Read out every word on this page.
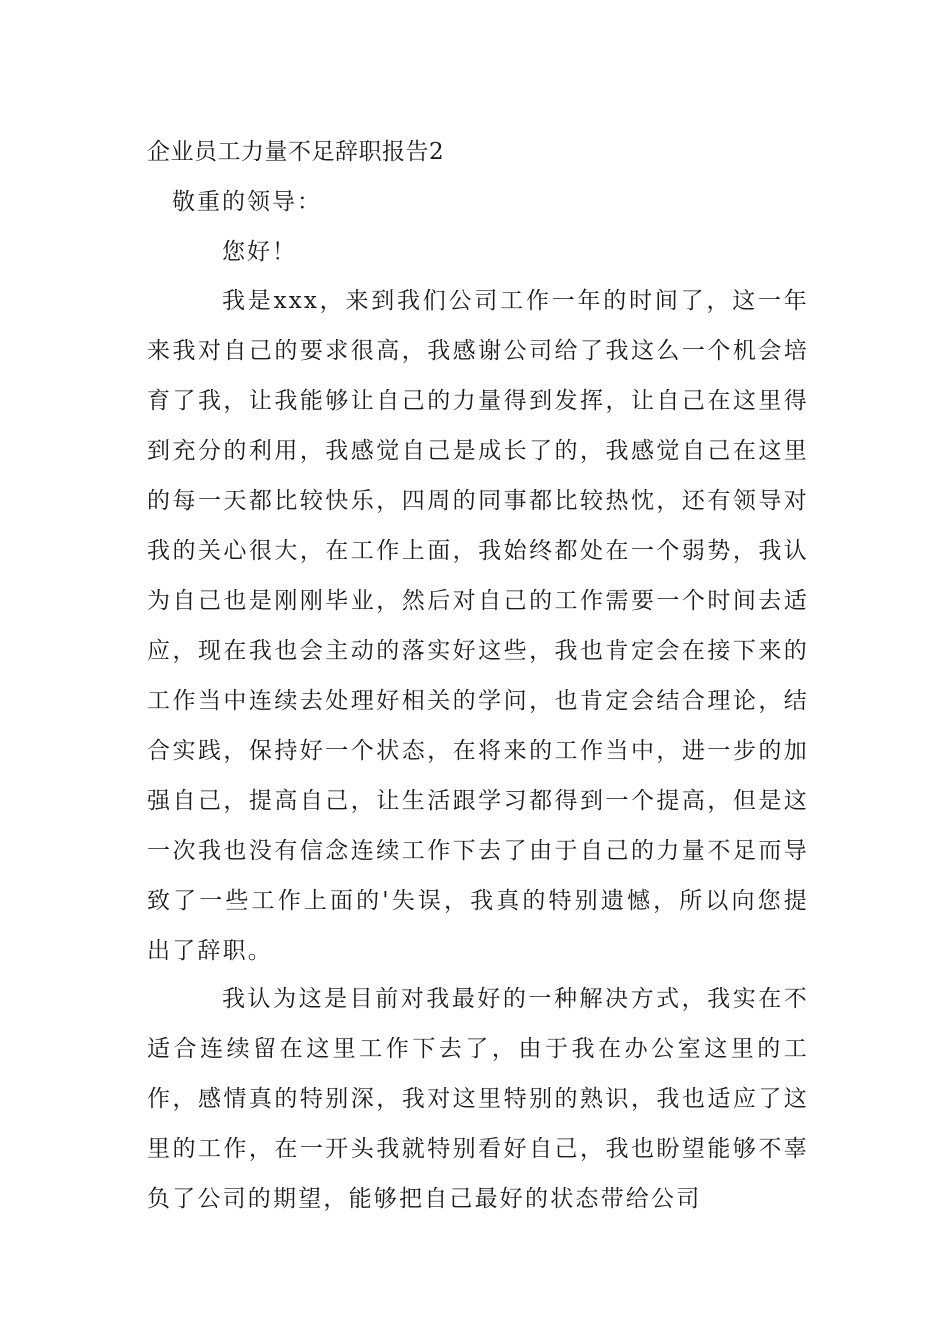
企业员工力量不足辞职报告2
敬重的领导：
您好！

我是xxx，来到我们公司工作一年的时间了，这一年来我对自己的要求很高，我感谢公司给了我这么一个机会培育了我，让我能够让自己的力量得到发挥，让自己在这里得到充分的利用，我感觉自己是成长了的，我感觉自己在这里的每一天都比较快乐，四周的同事都比较热忱，还有领导对我的关心很大，在工作上面，我始终都处在一个弱势，我认为自己也是刚刚毕业，然后对自己的工作需要一个时间去适应，现在我也会主动的落实好这些，我也肯定会在接下来的工作当中连续去处理好相关的学问，也肯定会结合理论，结合实践，保持好一个状态，在将来的工作当中，进一步的加强自己，提高自己，让生活跟学习都得到一个提高，但是这一次我也没有信念连续工作下去了由于自己的力量不足而导致了一些工作上面的'失误，我真的特别遗憾，所以向您提出了辞职。

我认为这是目前对我最好的一种解决方式，我实在不适合连续留在这里工作下去了，由于我在办公室这里的工作，感情真的特别深，我对这里特别的熟识，我也适应了这里的工作，在一开头我就特别看好自己，我也盼望能够不辜负了公司的期望，能够把自己最好的状态带给公司
